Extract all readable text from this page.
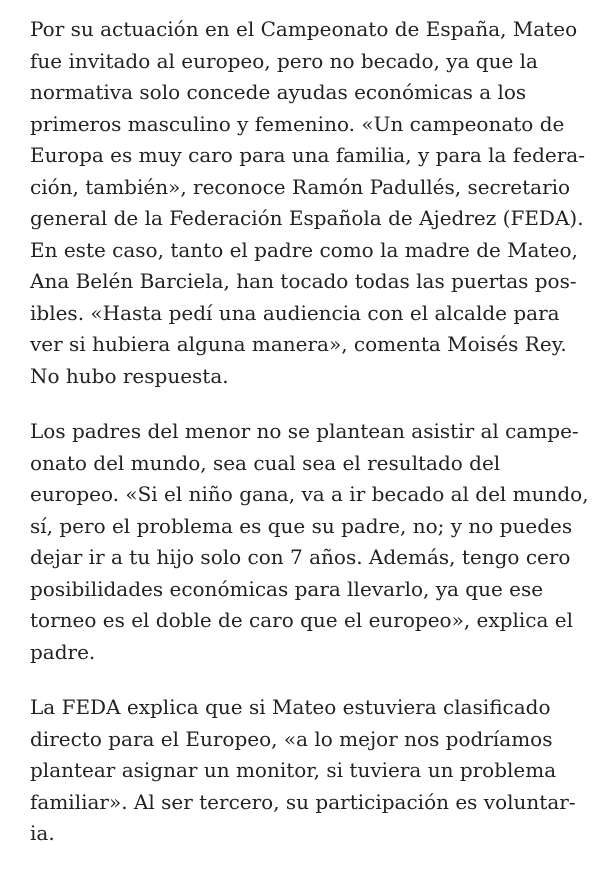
Por su actuación en el Campeonato de España, Mateo
fue invitado al europeo, pero no becado, ya que la
normativa solo concede ayudas económicas a los
primeros masculino y femenino. «Un campeonato de
Europa es muy caro para una familia, y para la federa-
ción, también», reconoce Ramón Padullés, secretario
general de la Federación Española de Ajedrez (FEDA).
En este caso, tanto el padre como la madre de Mateo,
Ana Belén Barciela, han tocado todas las puertas pos-
ibles. «Hasta pedí una audiencia con el alcalde para
ver si hubiera alguna manera», comenta Moisés Rey.
No hubo respuesta.
Los padres del menor no se plantean asistir al campe-
onato del mundo, sea cual sea el resultado del
europeo. «Si el niño gana, va a ir becado al del mundo,
sí, pero el problema es que su padre, no; y no puedes
dejar ir a tu hijo solo con 7 años. Además, tengo cero
posibilidades económicas para llevarlo, ya que ese
torneo es el doble de caro que el europeo», explica el
padre.
La FEDA explica que si Mateo estuviera clasificado
directo para el Europeo, «a lo mejor nos podríamos
plantear asignar un monitor, si tuviera un problema
familiar». Al ser tercero, su participación es voluntar-
ia.
